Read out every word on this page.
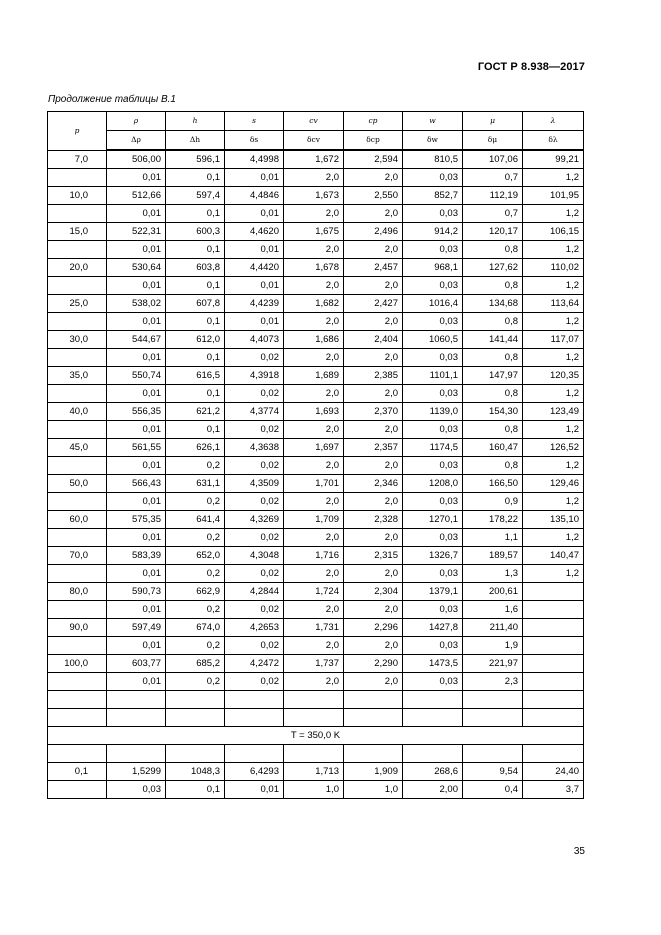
ГОСТ Р 8.938—2017
Продолжение таблицы В.1
p	ρ	h	s	cv	cp	w	μ	λ
	Δρ	Δh	δs	δcv	δcp	δw	δμ	δλ
7,0	506,00	596,1	4,4998	1,672	2,594	810,5	107,06	99,21
	0,01	0,1	0,01	2,0	2,0	0,03	0,7	1,2
10,0	512,66	597,4	4,4846	1,673	2,550	852,7	112,19	101,95
	0,01	0,1	0,01	2,0	2,0	0,03	0,7	1,2
15,0	522,31	600,3	4,4620	1,675	2,496	914,2	120,17	106,15
	0,01	0,1	0,01	2,0	2,0	0,03	0,8	1,2
20,0	530,64	603,8	4,4420	1,678	2,457	968,1	127,62	110,02
	0,01	0,1	0,01	2,0	2,0	0,03	0,8	1,2
25,0	538,02	607,8	4,4239	1,682	2,427	1016,4	134,68	113,64
	0,01	0,1	0,01	2,0	2,0	0,03	0,8	1,2
30,0	544,67	612,0	4,4073	1,686	2,404	1060,5	141,44	117,07
	0,01	0,1	0,02	2,0	2,0	0,03	0,8	1,2
35,0	550,74	616,5	4,3918	1,689	2,385	1101,1	147,97	120,35
	0,01	0,1	0,02	2,0	2,0	0,03	0,8	1,2
40,0	556,35	621,2	4,3774	1,693	2,370	1139,0	154,30	123,49
	0,01	0,1	0,02	2,0	2,0	0,03	0,8	1,2
45,0	561,55	626,1	4,3638	1,697	2,357	1174,5	160,47	126,52
	0,01	0,2	0,02	2,0	2,0	0,03	0,8	1,2
50,0	566,43	631,1	4,3509	1,701	2,346	1208,0	166,50	129,46
	0,01	0,2	0,02	2,0	2,0	0,03	0,9	1,2
60,0	575,35	641,4	4,3269	1,709	2,328	1270,1	178,22	135,10
	0,01	0,2	0,02	2,0	2,0	0,03	1,1	1,2
70,0	583,39	652,0	4,3048	1,716	2,315	1326,7	189,57	140,47
	0,01	0,2	0,02	2,0	2,0	0,03	1,3	1,2
80,0	590,73	662,9	4,2844	1,724	2,304	1379,1	200,61	
	0,01	0,2	0,02	2,0	2,0	0,03	1,6	
90,0	597,49	674,0	4,2653	1,731	2,296	1427,8	211,40	
	0,01	0,2	0,02	2,0	2,0	0,03	1,9	
100,0	603,77	685,2	4,2472	1,737	2,290	1473,5	221,97	
	0,01	0,2	0,02	2,0	2,0	0,03	2,3	

T = 350,0 K								

0,1	1,5299	1048,3	6,4293	1,713	1,909	268,6	9,54	24,40
	0,03	0,1	0,01	1,0	1,0	2,00	0,4	3,7
35
